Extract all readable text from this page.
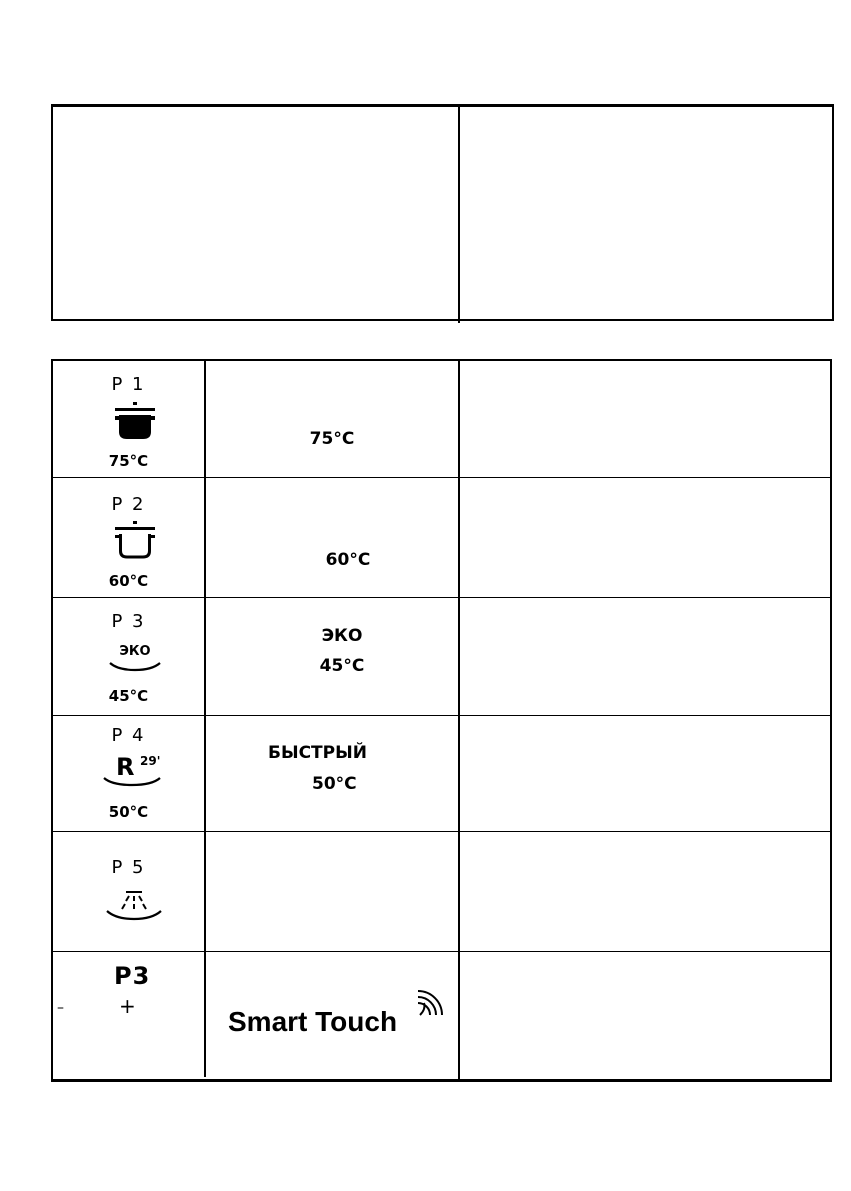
P 1
75°C
75°C
P 2
60°C
60°C
P 3
ЭКО
45°C
ЭКО
45°C
P 4
R 29'
50°C
БЫСТРЫЙ
50°C
P 5
P3
+
–	Smart Touch
